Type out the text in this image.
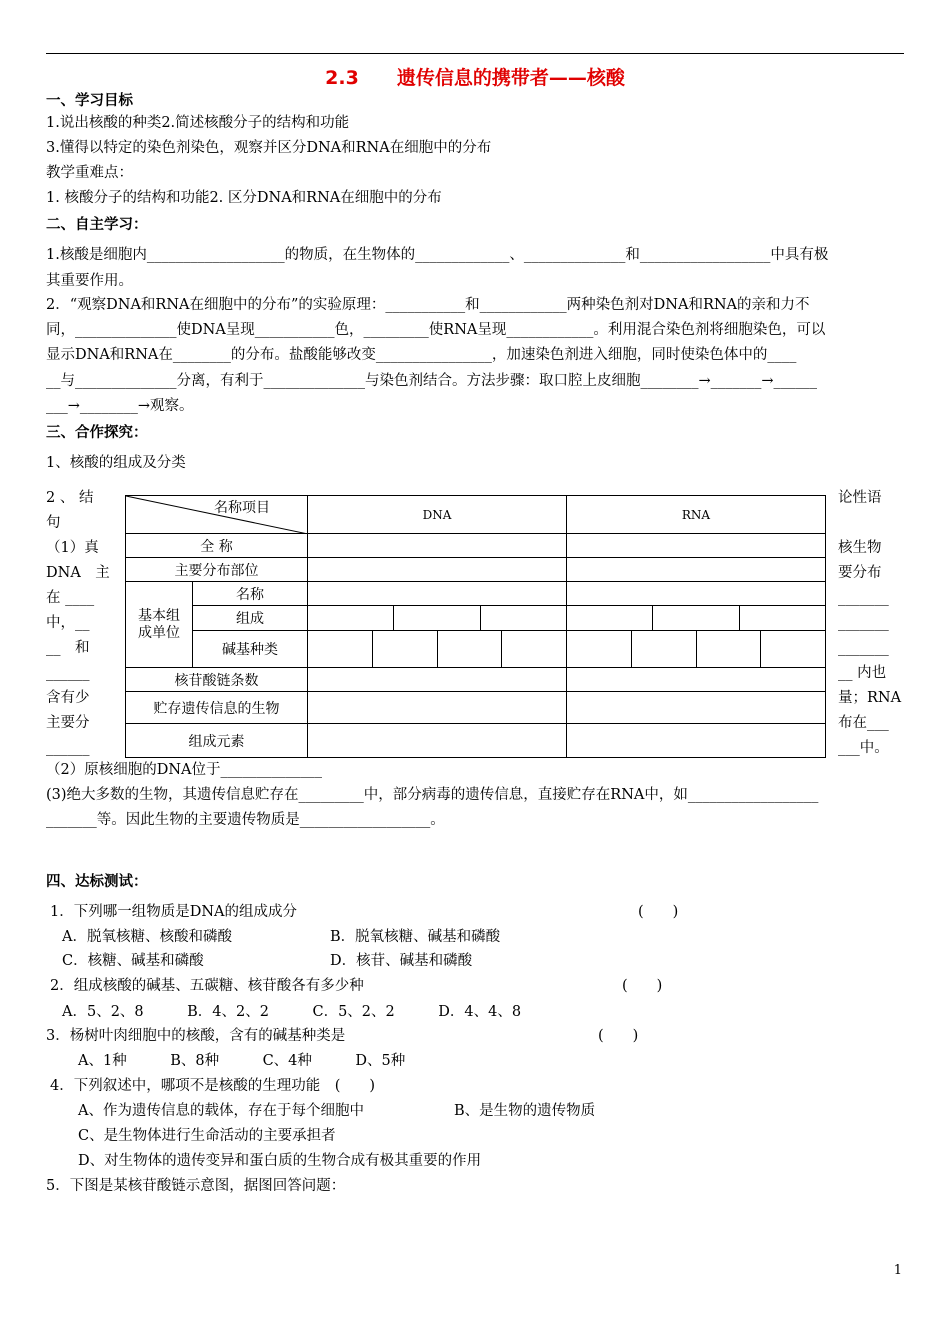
2.3　　遗传信息的携带者——核酸
一、学习目标
1.说出核酸的种类2.简述核酸分子的结构和功能
3.懂得以特定的染色剂染色，观察并区分DNA和RNA在细胞中的分布
教学重难点：
1. 核酸分子的结构和功能2. 区分DNA和RNA在细胞中的分布
二、自主学习：
1.核酸是细胞内___________________的物质，在生物体的_____________、______________和__________________中具有极
其重要作用。
2．“观察DNA和RNA在细胞中的分布”的实验原理：___________和____________两种染色剂对DNA和RNA的亲和力不
同，______________使DNA呈现___________色，_________使RNA呈现____________。利用混合染色剂将细胞染色，可以
显示DNA和RNA在________的分布。盐酸能够改变________________，加速染色剂进入细胞，同时使染色体中的____
__与______________分离，有利于______________与染色剂结合。方法步骤：取口腔上皮细胞________→_______→______
___→________→观察。
三、合作探究：
1、核酸的组成及分类
2 、 结
句
（1）真
DNA　主
在 ____
中，__
__　和
______
含有少
主要分
______
论性语
核生物
要分布
_______
_______
_______
__ 内也
量；RNA
布在___
___中。
名称项目		DNA	RNA
全 称			
主要分布部位			
基本组成单位	名称		
	组成	

	碱基种类	

核苷酸链条数			
贮存遗传信息的生物			
组成元素			
（2）原核细胞的DNA位于______________
(3)绝大多数的生物，其遗传信息贮存在_________中，部分病毒的遗传信息，直接贮存在RNA中，如__________________
_______等。因此生物的主要遗传物质是__________________。
四、达标测试：
1．下列哪一组物质是DNA的组成成分	(　　)
A．脱氧核糖、核酸和磷酸	B．脱氧核糖、碱基和磷酸
C．核糖、碱基和磷酸	D．核苷、碱基和磷酸
2．组成核酸的碱基、五碳糖、核苷酸各有多少种	(　　)
A．5、2、8　　　B．4、2、2　　　C．5、2、2　　　D．4、4、8
3．杨树叶肉细胞中的核酸，含有的碱基种类是	(　　)
A、1种　　　B、8种　　　C、4种　　　D、5种
4．下列叙述中，哪项不是核酸的生理功能　(　　)
A、作为遗传信息的载体，存在于每个细胞中	B、是生物的遗传物质
C、是生物体进行生命活动的主要承担者
D、对生物体的遗传变异和蛋白质的生物合成有极其重要的作用
5．下图是某核苷酸链示意图，据图回答问题：
1
